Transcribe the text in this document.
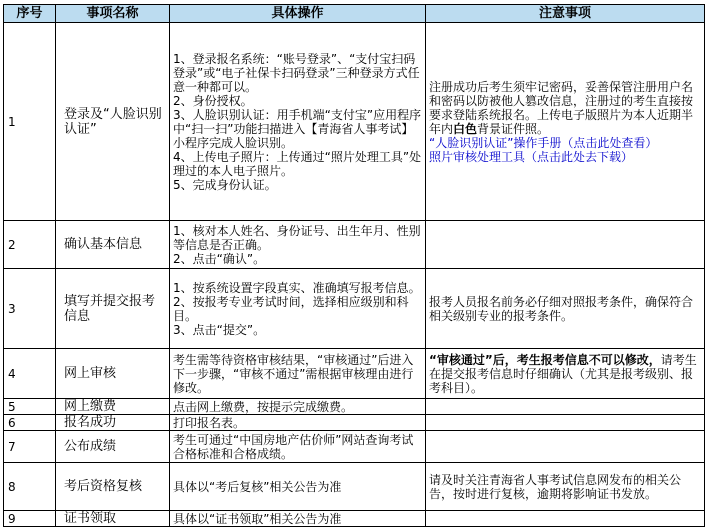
序号	事项名称	具体操作	注意事项
1	登录及“人脸识别认证”	1、登录报名系统：“账号登录”、“支付宝扫码登录”或“电子社保卡扫码登录”三种登录方式任意一种都可以。
2、身份授权。
3、人脸识别认证：用手机端“支付宝”应用程序中“扫一扫”功能扫描进入【青海省人事考试】小程序完成人脸识别。
4、上传电子照片：上传通过“照片处理工具”处理过的本人电子照片。
5、完成身份认证。	注册成功后考生须牢记密码，妥善保管注册用户名和密码以防被他人篡改信息，注册过的考生直接按要求登陆系统报名。上传电子版照片为本人近期半年内白色背景证件照。
“人脸识别认证”操作手册（点击此处查看）
照片审核处理工具（点击此处去下载）

2	确认基本信息	1、核对本人姓名、身份证号、出生年月、性别等信息是否正确。
2、点击“确认”。	

3	填写并提交报考信息	1、按系统设置字段真实、准确填写报考信息。
2、按报考专业考试时间，选择相应级别和科目。
3、点击“提交”。	报考人员报名前务必仔细对照报考条件，确保符合相关级别专业的报考条件。
4	网上审核	考生需等待资格审核结果，“审核通过”后进入下一步骤，“审核不通过”需根据审核理由进行修改。	“审核通过”后，考生报考信息不可以修改，请考生在提交报考信息时仔细确认（尤其是报考级别、报考科目）。
5	网上缴费	点击网上缴费，按提示完成缴费。	

6	报名成功	打印报名表。	

7	公布成绩	考生可通过“中国房地产估价师”网站查询考试合格标准和合格成绩。	

8	考后资格复核	具体以“考后复核”相关公告为准	请及时关注青海省人事考试信息网发布的相关公告，按时进行复核，逾期将影响证书发放。
9	证书领取	具体以“证书领取”相关公告为准	
